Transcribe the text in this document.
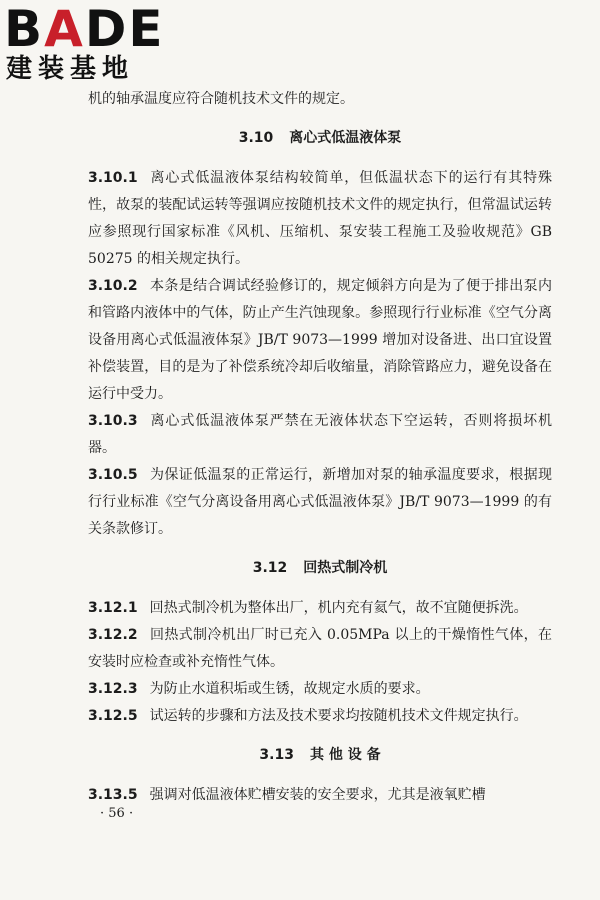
BADE
建装基地

机的轴承温度应符合随机技术文件的规定。

3.10 离心式低温液体泵

3.10.1 离心式低温液体泵结构较简单，但低温状态下的运行有其特殊性，故泵的装配试运转等强调应按随机技术文件的规定执行，但常温试运转应参照现行国家标准《风机、压缩机、泵安装工程施工及验收规范》GB 50275 的相关规定执行。

3.10.2 本条是结合调试经验修订的，规定倾斜方向是为了便于排出泵内和管路内液体中的气体，防止产生汽蚀现象。参照现行行业标准《空气分离设备用离心式低温液体泵》JB/T 9073—1999 增加对设备进、出口宜设置补偿装置，目的是为了补偿系统冷却后收缩量，消除管路应力，避免设备在运行中受力。

3.10.3 离心式低温液体泵严禁在无液体状态下空运转，否则将损坏机器。

3.10.5 为保证低温泵的正常运行，新增加对泵的轴承温度要求，根据现行行业标准《空气分离设备用离心式低温液体泵》JB/T 9073—1999 的有关条款修订。

3.12 回热式制冷机

3.12.1 回热式制冷机为整体出厂，机内充有氦气，故不宜随便拆洗。

3.12.2 回热式制冷机出厂时已充入 0.05MPa 以上的干燥惰性气体，在安装时应检查或补充惰性气体。

3.12.3 为防止水道积垢或生锈，故规定水质的要求。

3.12.5 试运转的步骤和方法及技术要求均按随机技术文件规定执行。

3.13 其 他 设 备

3.13.5 强调对低温液体贮槽安装的安全要求，尤其是液氧贮槽

· 56 ·
